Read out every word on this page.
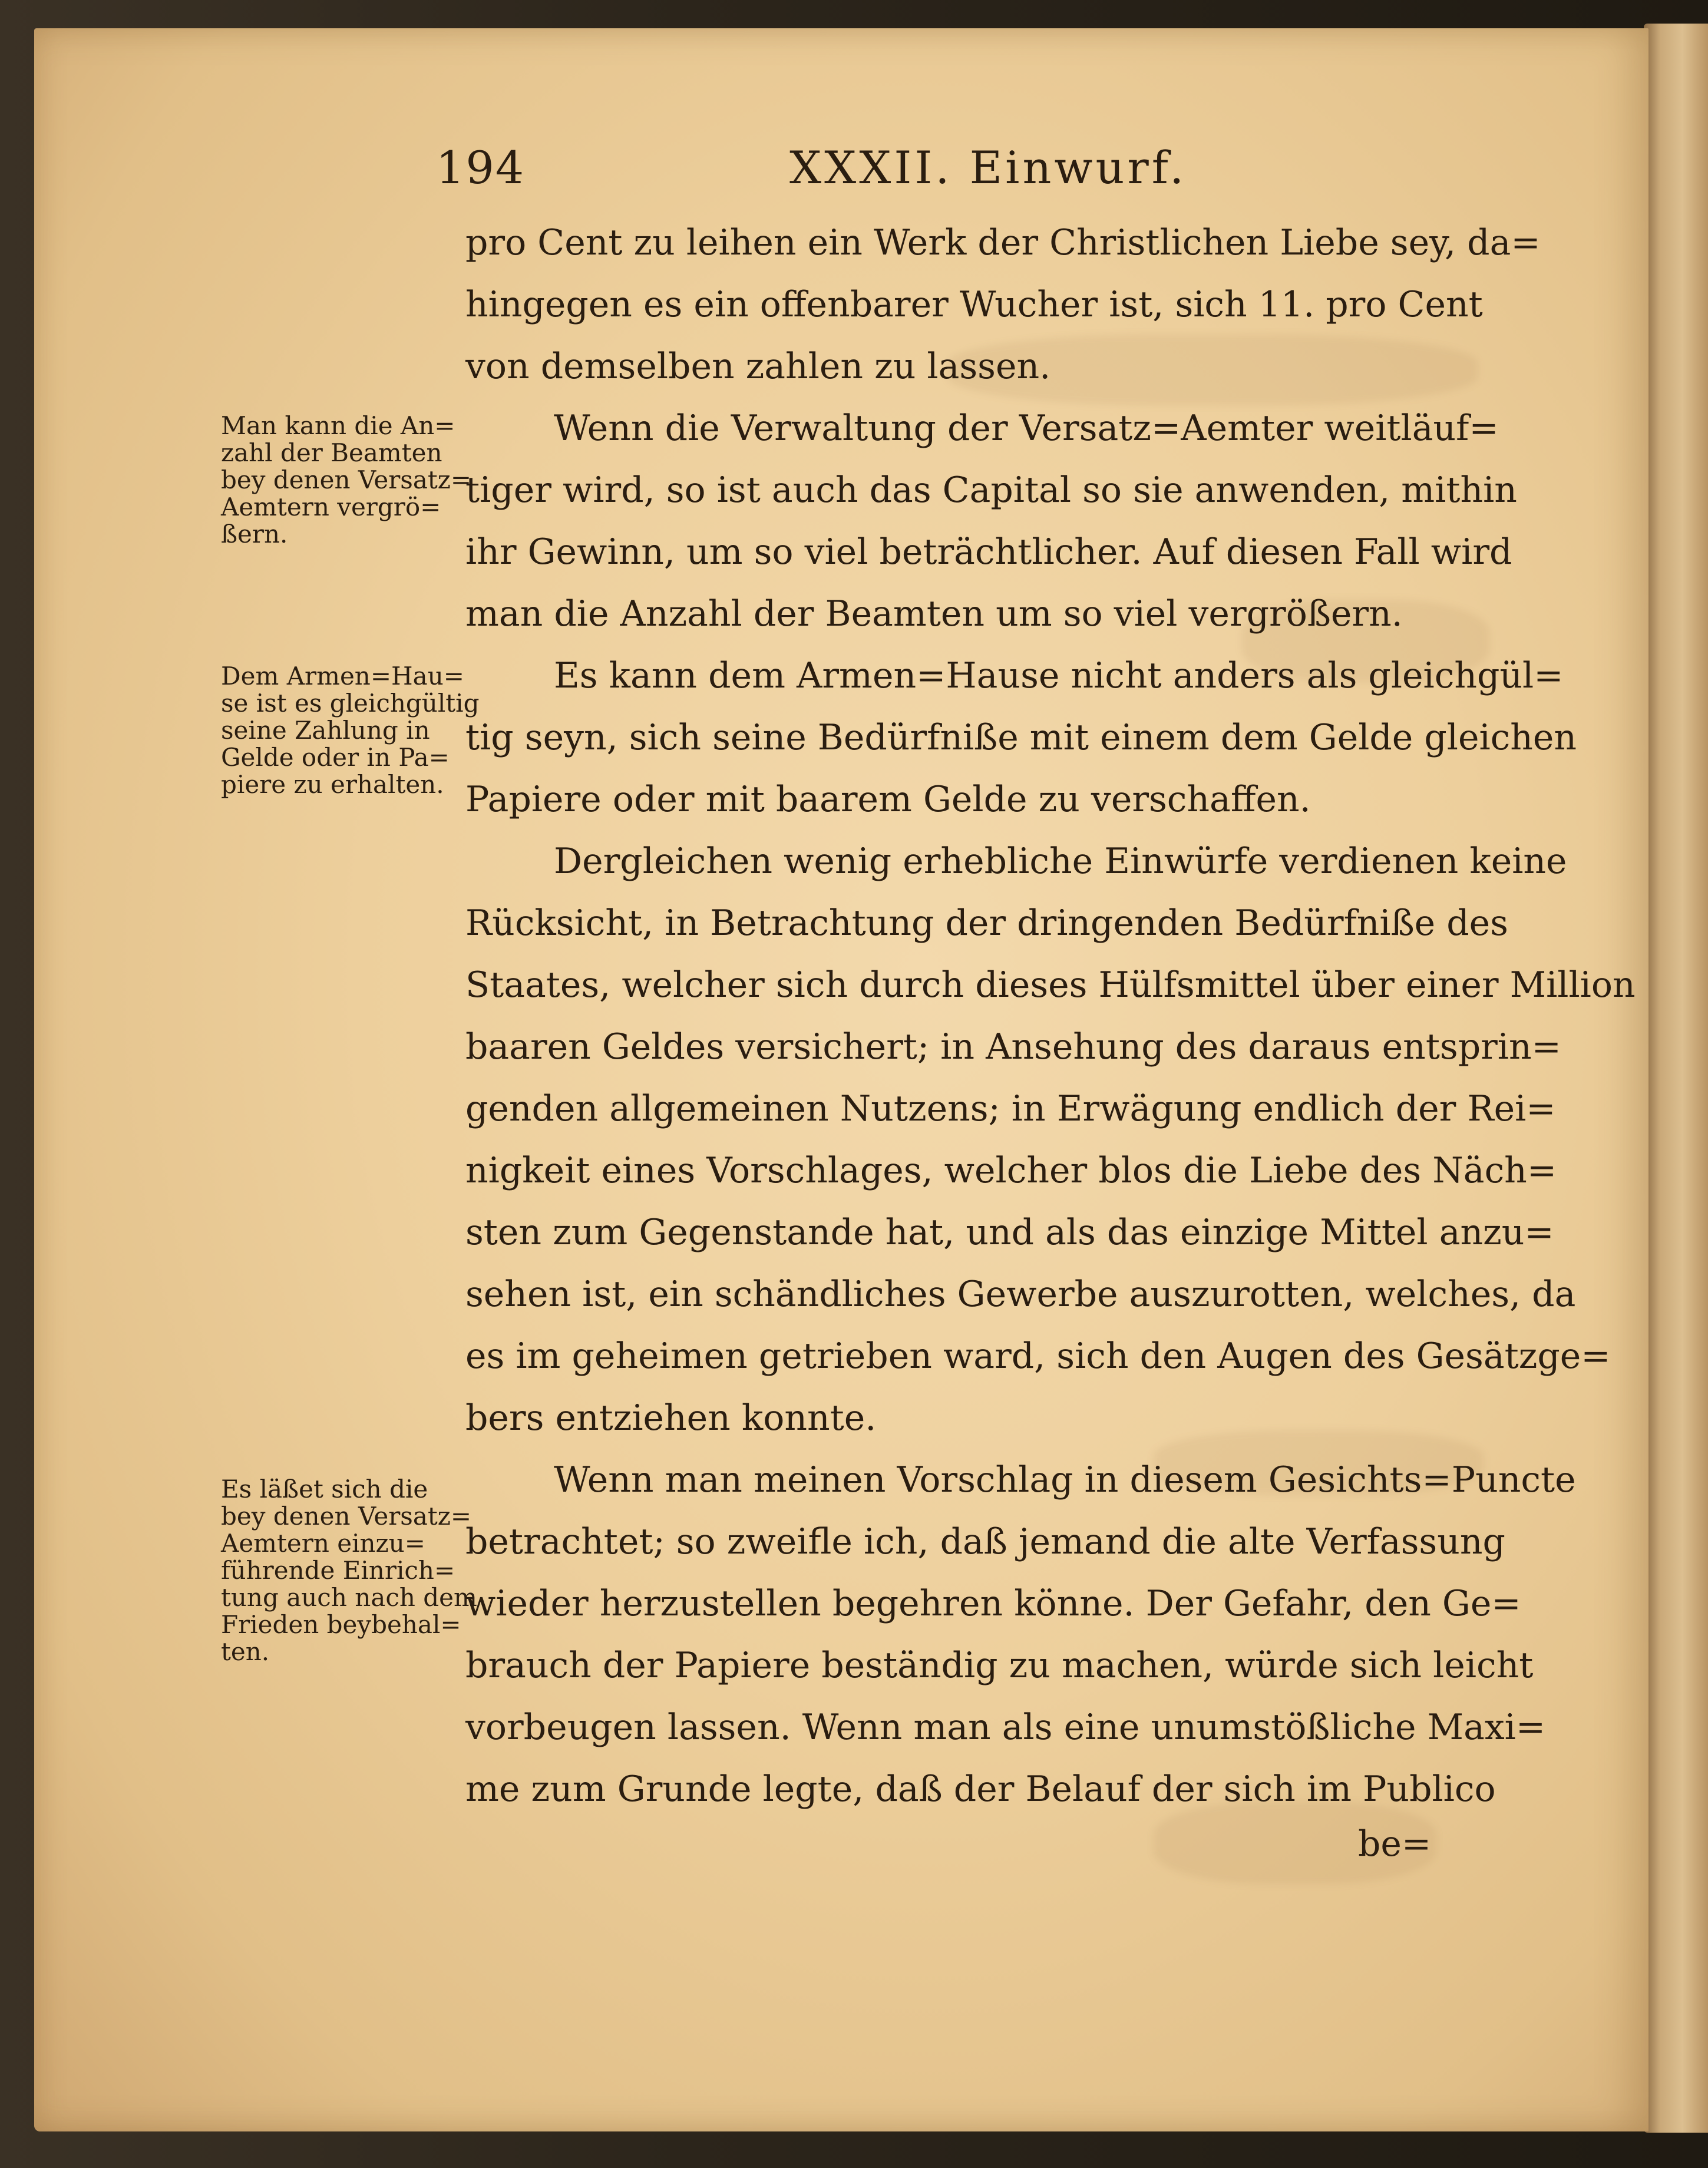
194	XXXII. Einwurf.
pro Cent zu leihen ein Werk der Christlichen Liebe sey, da=
hingegen es ein offenbarer Wucher ist, sich 11. pro Cent
von demselben zahlen zu lassen.
Wenn die Verwaltung der Versatz=Aemter weitläuf=
tiger wird, so ist auch das Capital so sie anwenden, mithin
ihr Gewinn, um so viel beträchtlicher. Auf diesen Fall wird
man die Anzahl der Beamten um so viel vergrößern.
Es kann dem Armen=Hause nicht anders als gleichgül=
tig seyn, sich seine Bedürfniße mit einem dem Gelde gleichen
Papiere oder mit baarem Gelde zu verschaffen.
Dergleichen wenig erhebliche Einwürfe verdienen keine
Rücksicht, in Betrachtung der dringenden Bedürfniße des
Staates, welcher sich durch dieses Hülfsmittel über einer Million
baaren Geldes versichert; in Ansehung des daraus entsprin=
genden allgemeinen Nutzens; in Erwägung endlich der Rei=
nigkeit eines Vorschlages, welcher blos die Liebe des Näch=
sten zum Gegenstande hat, und als das einzige Mittel anzu=
sehen ist, ein schändliches Gewerbe auszurotten, welches, da
es im geheimen getrieben ward, sich den Augen des Gesätzge=
bers entziehen konnte.
Wenn man meinen Vorschlag in diesem Gesichts=Puncte
betrachtet; so zweifle ich, daß jemand die alte Verfassung
wieder herzustellen begehren könne. Der Gefahr, den Ge=
brauch der Papiere beständig zu machen, würde sich leicht
vorbeugen lassen. Wenn man als eine unumstößliche Maxi=
me zum Grunde legte, daß der Belauf der sich im Publico
be=
Man kann die An=
zahl der Beamten
bey denen Versatz=
Aemtern vergrö=
ßern.
Dem Armen=Hau=
se ist es gleichgültig
seine Zahlung in
Gelde oder in Pa=
piere zu erhalten.
Es läßet sich die
bey denen Versatz=
Aemtern einzu=
führende Einrich=
tung auch nach dem
Frieden beybehal=
ten.
